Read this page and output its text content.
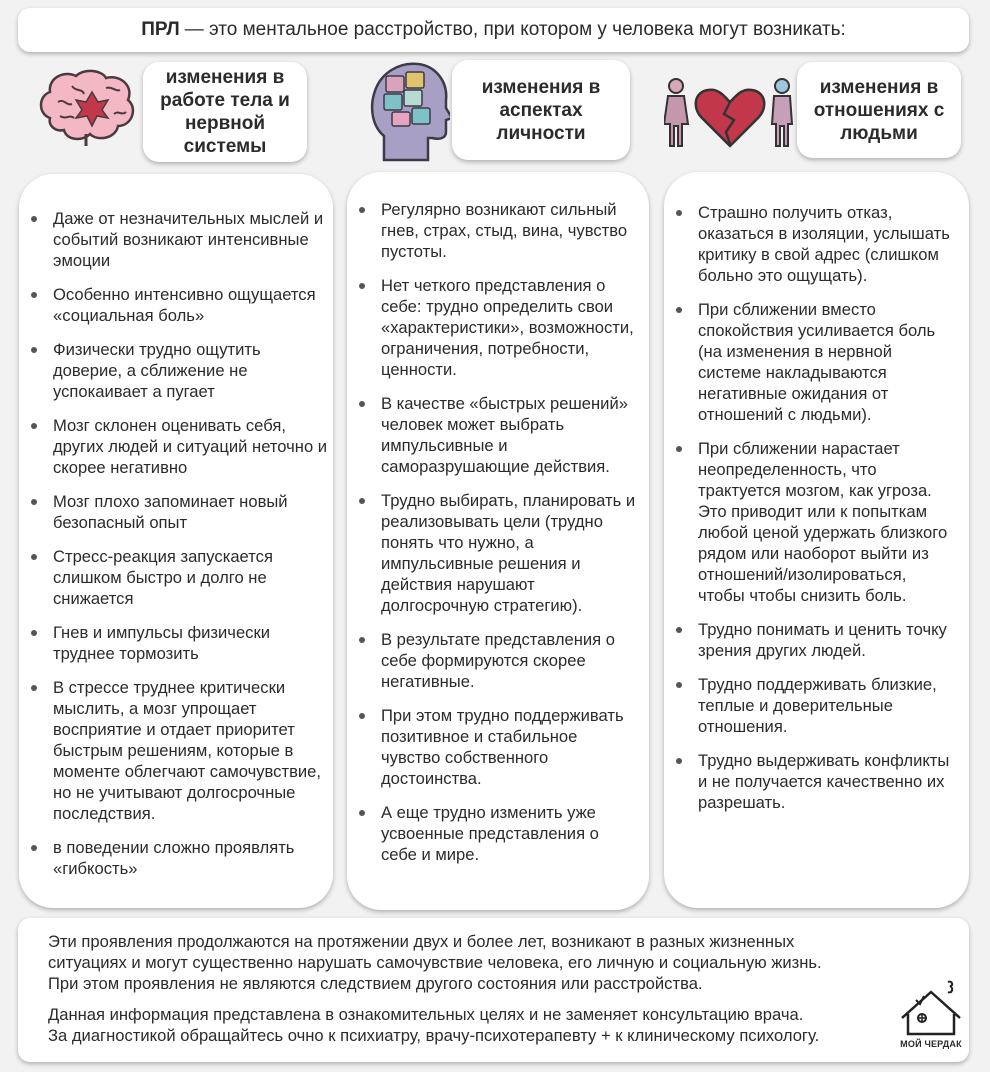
ПРЛ — это ментальное расстройство, при котором у человека могут возникать:
изменения в работе тела и нервной системы
изменения в аспектах личности
изменения в отношениях с людьми
Даже от незначительных мыслей и событий возникают интенсивные эмоции
Особенно интенсивно ощущается «социальная боль»
Физически трудно ощутить доверие, а сближение не успокаивает а пугает
Мозг склонен оценивать себя, других людей и ситуаций неточно и скорее негативно
Мозг плохо запоминает новый безопасный опыт
Стресс-реакция запускается слишком быстро и долго не снижается
Гнев и импульсы физически труднее тормозить
В стрессе труднее критически мыслить, а мозг упрощает восприятие и отдает приоритет быстрым решениям, которые в моменте облегчают самочувствие, но не учитывают долгосрочные последствия.
в поведении сложно проявлять «гибкость»
Регулярно возникают сильный гнев, страх, стыд, вина, чувство пустоты.
Нет четкого представления о себе: трудно определить свои «характеристики», возможности, ограничения, потребности, ценности.
В качестве «быстрых решений» человек может выбрать импульсивные и саморазрушающие действия.
Трудно выбирать, планировать и реализовывать цели (трудно понять что нужно, а импульсивные решения и действия нарушают долгосрочную стратегию).
В результате представления о себе формируются скорее негативные.
При этом трудно поддерживать позитивное и стабильное чувство собственного достоинства.
А еще трудно изменить уже усвоенные представления о себе и мире.
Страшно получить отказ, оказаться в изоляции, услышать критику в свой адрес (слишком больно это ощущать).
При сближении вместо спокойствия усиливается боль (на изменения в нервной системе накладываются негативные ожидания от отношений с людьми).
При сближении нарастает неопределенность, что трактуется мозгом, как угроза. Это приводит или к попыткам любой ценой удержать близкого рядом или наоборот выйти из отношений/изолироваться, чтобы чтобы снизить боль.
Трудно понимать и ценить точку зрения других людей.
Трудно поддерживать близкие, теплые и доверительные отношения.
Трудно выдерживать конфликты и не получается качественно их разрешать.

Эти проявления продолжаются на протяжении двух и более лет, возникают в разных жизненных

ситуациях и могут существенно нарушать самочувствие человека, его личную и социальную жизнь.

При этом проявления не являются следствием другого состояния или расстройства.

Данная информация представлена в ознакомительных целях и не заменяет консультацию врача.

За диагностикой обращайтесь очно к психиатру, врачу-психотерапевту + к клиническому психологу.	МОЙ ЧЕРДАК
